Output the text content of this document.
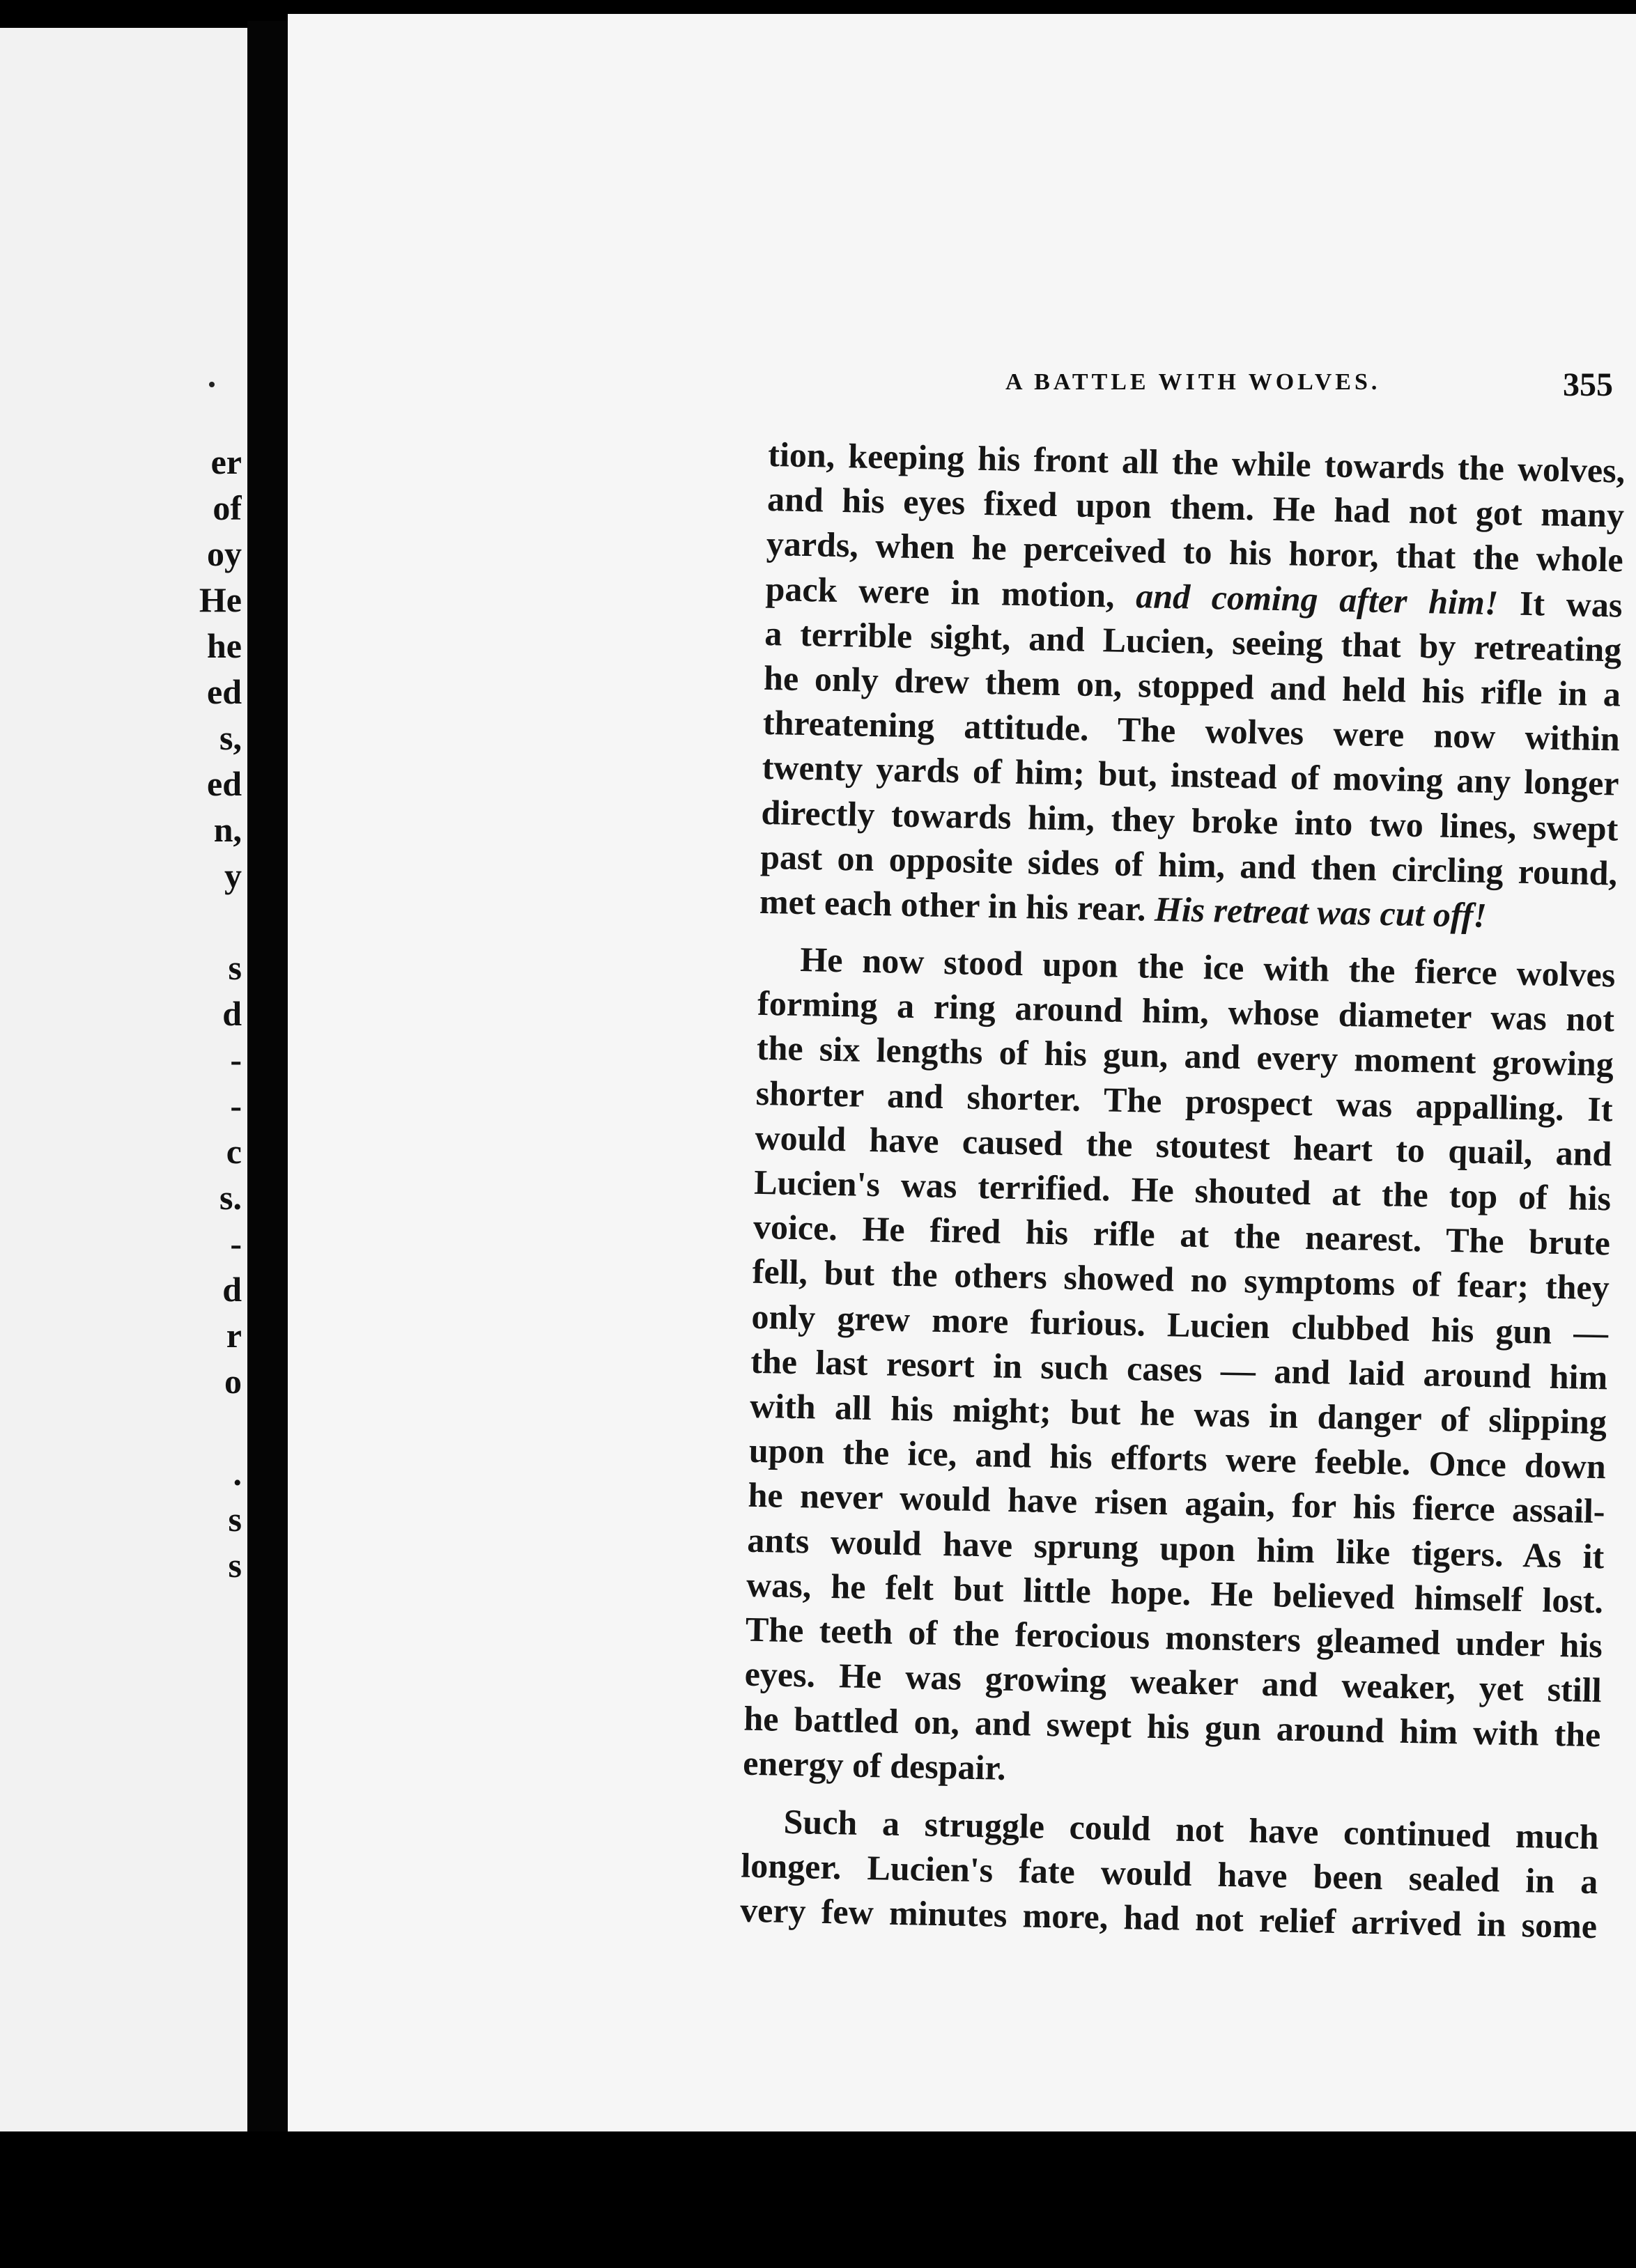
er
of
oy
He
he
ed
s,
ed
n,
y
s
d
-
-
c
s.
-
d
r
o
.
s
s
A BATTLE WITH WOLVES.	355
tion, keeping his front all the while towards the wolves,
and his eyes fixed upon them. He had not got many
yards, when he perceived to his horor, that the whole
pack were in motion, and coming after him! It was
a terrible sight, and Lucien, seeing that by retreating
he only drew them on, stopped and held his rifle in a
threatening attitude. The wolves were now within
twenty yards of him; but, instead of moving any longer
directly towards him, they broke into two lines, swept
past on opposite sides of him, and then circling round,
met each other in his rear. His retreat was cut off!
He now stood upon the ice with the fierce wolves
forming a ring around him, whose diameter was not
the six lengths of his gun, and every moment growing
shorter and shorter. The prospect was appalling. It
would have caused the stoutest heart to quail, and
Lucien's was terrified. He shouted at the top of his
voice. He fired his rifle at the nearest. The brute
fell, but the others showed no symptoms of fear; they
only grew more furious. Lucien clubbed his gun —
the last resort in such cases — and laid around him
with all his might; but he was in danger of slipping
upon the ice, and his efforts were feeble. Once down
he never would have risen again, for his fierce assail-
ants would have sprung upon him like tigers. As it
was, he felt but little hope. He believed himself lost.
The teeth of the ferocious monsters gleamed under his
eyes. He was growing weaker and weaker, yet still
he battled on, and swept his gun around him with the
energy of despair.
Such a struggle could not have continued much
longer. Lucien's fate would have been sealed in a
very few minutes more, had not relief arrived in some
